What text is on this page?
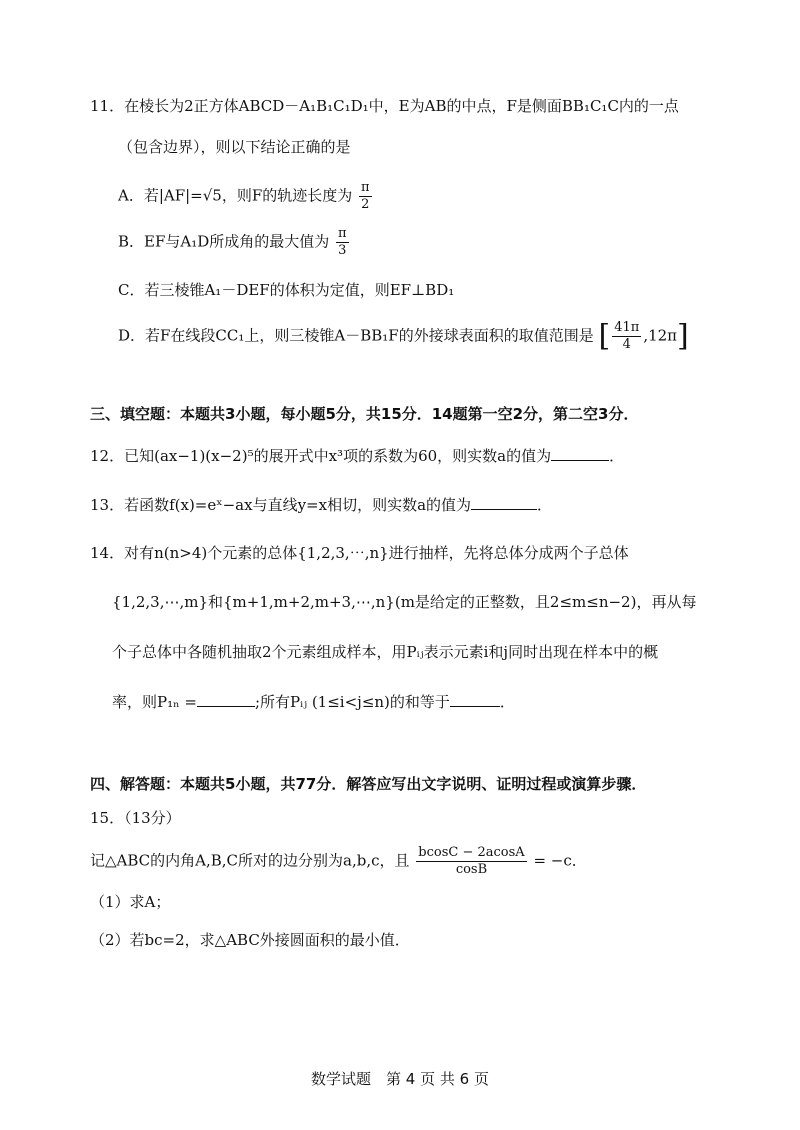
11．在棱长为2正方体ABCD－A₁B₁C₁D₁中，E为AB的中点，F是侧面BB₁C₁C内的一点
（包含边界），则以下结论正确的是
A．若|AF|=√5，则F的轨迹长度为 $\frac{\pi}{2}$
B．EF与A₁D所成角的最大值为 $\frac{\pi}{3}$
C．若三棱锥A₁－DEF的体积为定值，则EF⊥BD₁
D．若F在线段CC₁上，则三棱锥A－BB₁F的外接球表面积的取值范围是 [ $\frac{41\pi}{4} ,12\pi$]
三、填空题：本题共3小题，每小题5分，共15分．14题第一空2分，第二空3分．
12．已知(ax−1)(x−2)⁵的展开式中x³项的系数为60，则实数a的值为	．
13．若函数f(x)=eˣ−ax与直线y=x相切，则实数a的值为	．
14．对有n(n>4)个元素的总体{1,2,3,⋯,n}进行抽样，先将总体分成两个子总体
{1,2,3,⋯,m}和{m+1,m+2,m+3,⋯,n}(m是给定的正整数，且2≤m≤n−2)，再从每
个子总体中各随机抽取2个元素组成样本，用Pᵢⱼ表示元素i和j同时出现在样本中的概
率，则P₁ₙ =	;所有Pᵢⱼ (1≤i<j≤n)的和等于	．
四、解答题：本题共5小题，共77分．解答应写出文字说明、证明过程或演算步骤．
15．（13分）
记△ABC的内角A,B,C所对的边分别为a,b,c，且 $\frac{bcosC - 2acosA}{\cos B} = -c$．
（1）求A；
（2）若bc=2，求△ABC外接圆面积的最小值．
数学试题　第 4 页 共 6 页
